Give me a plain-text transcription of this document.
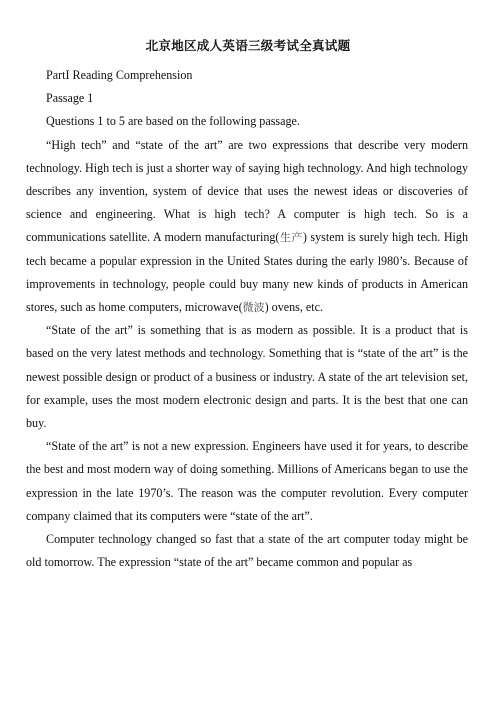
北京地区成人英语三级考试全真试题

PartI Reading Comprehension

Passage 1

Questions 1 to 5 are based on the following passage.

“High tech” and “state of the art” are two expressions that describe very modern technology. High tech is just a shorter way of saying high technology. And high technology describes any invention, system of device that uses the newest ideas or discoveries of science and engineering. What is high tech? A computer is high tech. So is a communications satellite. A modern manufacturing(生产) system is surely high tech. High tech became a popular expression in the United States during the early l980’s. Because of improvements in technology, people could buy many new kinds of products in American stores, such as home computers, microwave(微波) ovens, etc.

“State of the art” is something that is as modern as possible. It is a product that is based on the very latest methods and technology. Something that is “state of the art” is the newest possible design or product of a business or industry. A state of the art television set, for example, uses the most modern electronic design and parts. It is the best that one can buy.

“State of the art” is not a new expression. Engineers have used it for years, to describe the best and most modern way of doing something. Millions of Americans began to use the expression in the late 1970’s. The reason was the computer revolution. Every computer company claimed that its computers were “state of the art”.

Computer technology changed so fast that a state of the art computer today might be old tomorrow. The expression “state of the art” became common and popular as
